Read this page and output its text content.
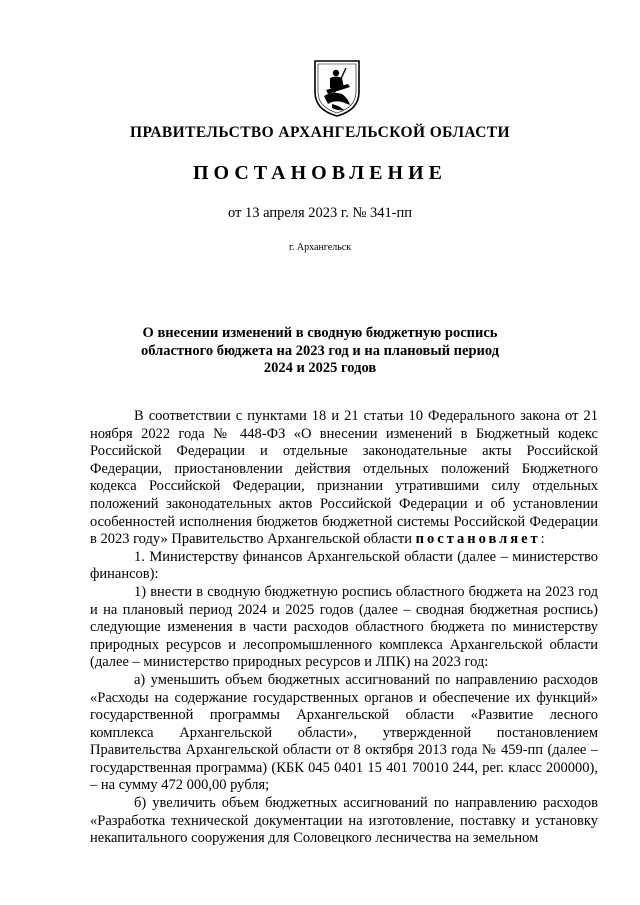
ПРАВИТЕЛЬСТВО АРХАНГЕЛЬСКОЙ ОБЛАСТИ
ПОСТАНОВЛЕНИЕ
от 13 апреля 2023 г. № 341-пп
г. Архангельск
О внесении изменений в сводную бюджетную роспись
областного бюджета на 2023 год и на плановый период
2024 и 2025 годов

В соответствии с пунктами 18 и 21 статьи 10 Федерального закона от 21 ноября 2022 года № 448-ФЗ «О внесении изменений в Бюджетный кодекс Российской Федерации и отдельные законодательные акты Российской Федерации, приостановлении действия отдельных положений Бюджетного кодекса Российской Федерации, признании утратившими силу отдельных положений законодательных актов Российской Федерации и об установлении особенностей исполнения бюджетов бюджетной системы Российской Федерации в 2023 году» Правительство Архангельской области постановляет:

1. Министерству финансов Архангельской области (далее – министерство финансов):

1) внести в сводную бюджетную роспись областного бюджета на 2023 год и на плановый период 2024 и 2025 годов (далее – сводная бюджетная роспись) следующие изменения в части расходов областного бюджета по министерству природных ресурсов и лесопромышленного комплекса Архангельской области (далее – министерство природных ресурсов и ЛПК) на 2023 год:

а) уменьшить объем бюджетных ассигнований по направлению расходов «Расходы на содержание государственных органов и обеспечение их функций» государственной программы Архангельской области «Развитие лесного комплекса Архангельской области», утвержденной постановлением Правительства Архангельской области от 8 октября 2013 года № 459-пп (далее – государственная программа) (КБК 045 0401 15 401 70010 244, рег. класс 200000), – на сумму 472 000,00 рубля;

б) увеличить объем бюджетных ассигнований по направлению расходов «Разработка технической документации на изготовление, поставку и установку некапитального сооружения для Соловецкого лесничества на земельном
